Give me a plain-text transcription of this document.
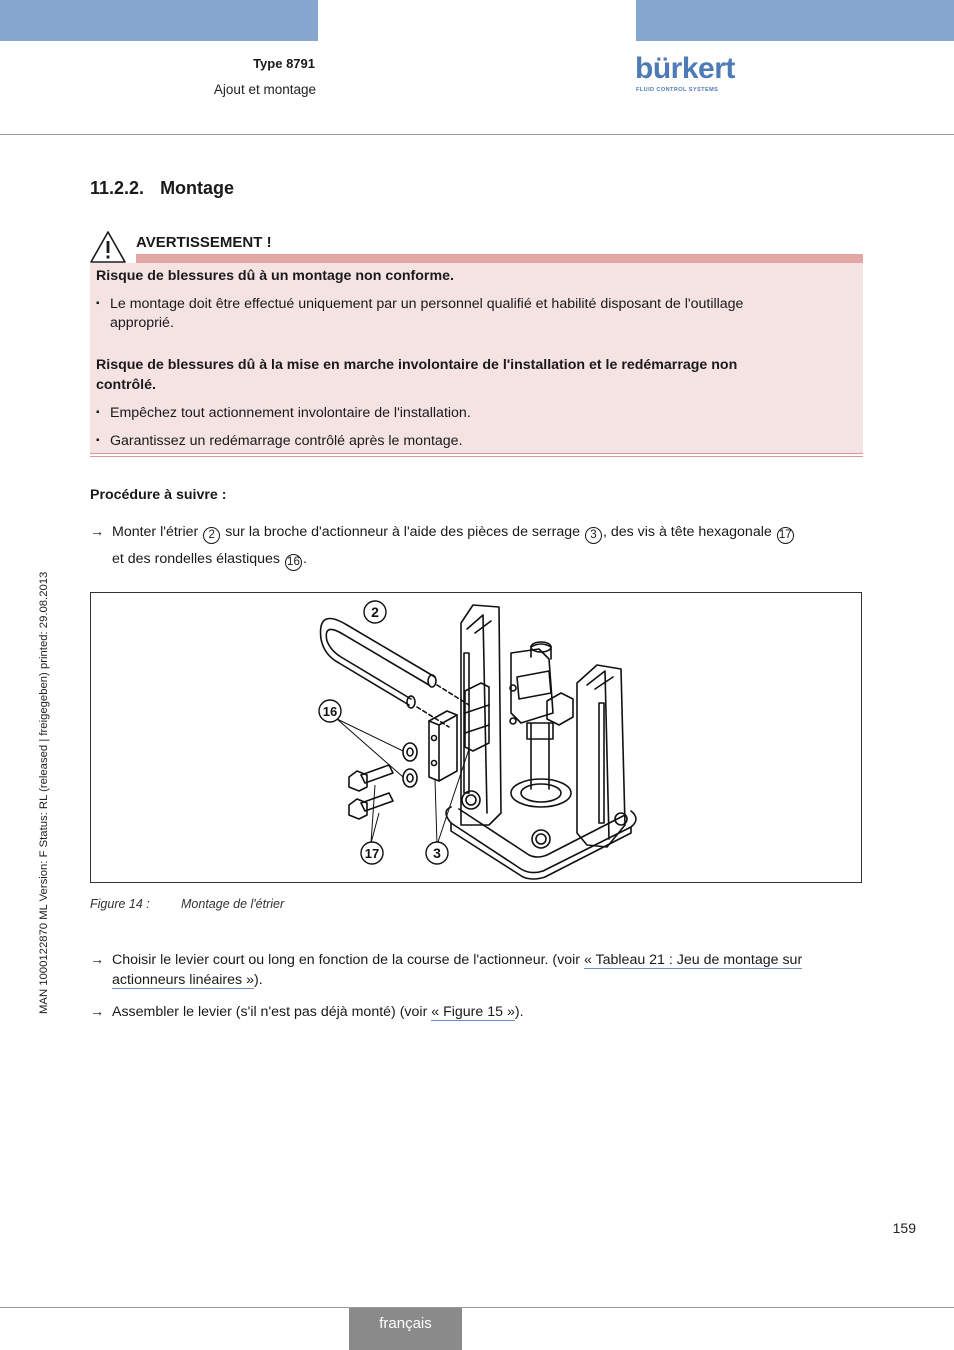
Type 8791
Ajout et montage
bürkert
FLUID CONTROL SYSTEMS
11.2.2. Montage
AVERTISSEMENT !
Risque de blessures dû à un montage non conforme.
▪ Le montage doit être effectué uniquement par un personnel qualifié et habilité disposant de l'outillage
approprié.
Risque de blessures dû à la mise en marche involontaire de l'installation et le redémarrage non
contrôlé.
▪ Empêchez tout actionnement involontaire de l'installation.
▪ Garantissez un redémarrage contrôlé après le montage.
Procédure à suivre :
→ Monter l'étrier 2 sur la broche d'actionneur à l'aide des pièces de serrage 3 , des vis à tête hexagonale 17
et des rondelles élastiques 16 .
2
16
17	3
Figure 14 : Montage de l'étrier
→ Choisir le levier court ou long en fonction de la course de l'actionneur. (voir « Tableau 21 : Jeu de montage sur
actionneurs linéaires »).
→ Assembler le levier (s'il n'est pas déjà monté) (voir « Figure 15 »).
MAN 1000122870 ML Version: F Status: RL (released | freigegeben) printed: 29.08.2013
159
français
